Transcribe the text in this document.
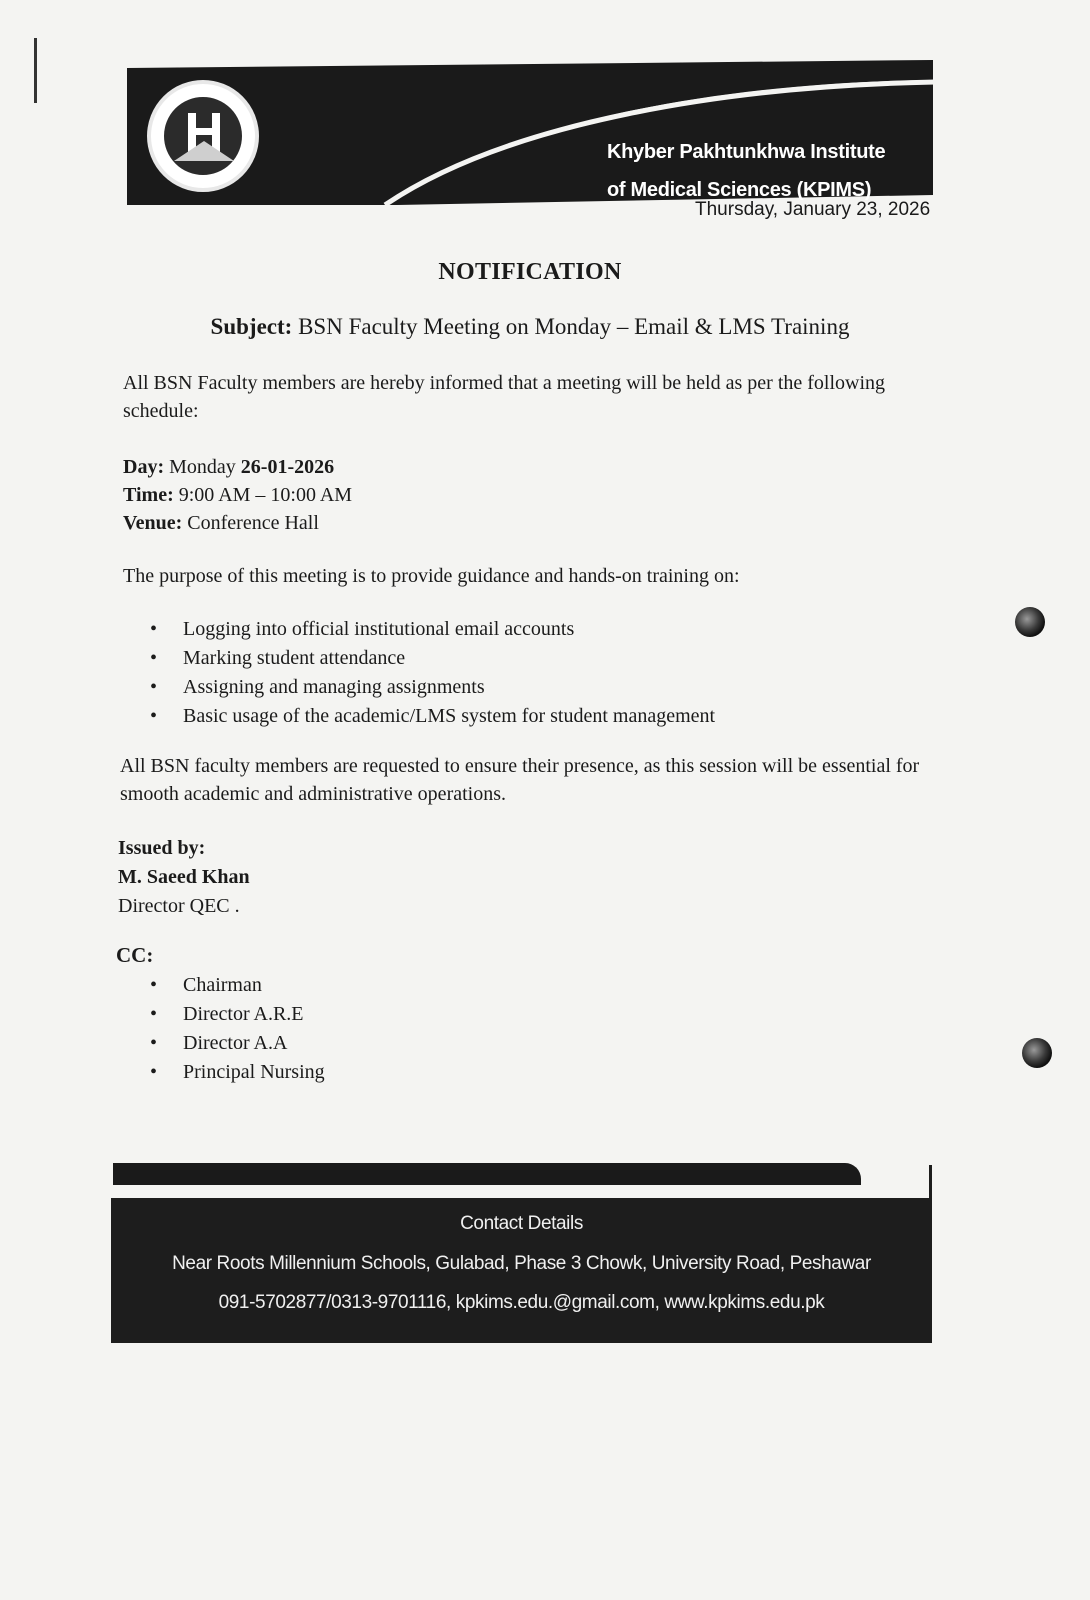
Khyber Pakhtunkhwa Institute
of Medical Sciences (KPIMS)
Thursday, January 23, 2026
NOTIFICATION
Subject: BSN Faculty Meeting on Monday – Email & LMS Training
All BSN Faculty members are hereby informed that a meeting will be held as per the following schedule:
Day: Monday 26-01-2026
Time: 9:00 AM – 10:00 AM
Venue: Conference Hall
The purpose of this meeting is to provide guidance and hands-on training on:
• Logging into official institutional email accounts
• Marking student attendance
• Assigning and managing assignments
• Basic usage of the academic/LMS system for student management
All BSN faculty members are requested to ensure their presence, as this session will be essential for smooth academic and administrative operations.
Issued by:
M. Saeed Khan
Director QEC .
CC:
• Chairman
• Director A.R.E
• Director A.A
• Principal Nursing
Contact Details
Near Roots Millennium Schools, Gulabad, Phase 3 Chowk, University Road, Peshawar
091-5702877/0313-9701116, kpkims.edu.@gmail.com, www.kpkims.edu.pk
